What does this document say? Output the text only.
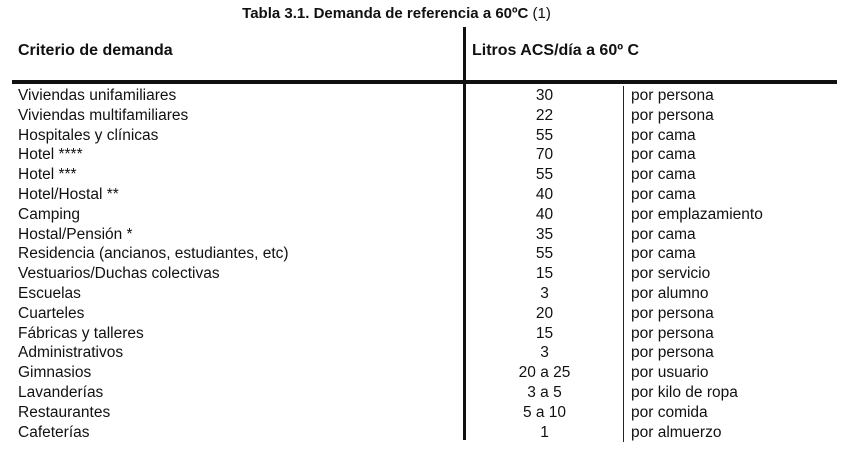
Tabla 3.1. Demanda de referencia a 60ºC (1)
Criterio de demanda	Litros ACS/día a 60º C
Viviendas unifamiliares	30	por persona
Viviendas multifamiliares	22	por persona
Hospitales y clínicas	55	por cama
Hotel ****	70	por cama
Hotel ***	55	por cama
Hotel/Hostal **	40	por cama
Camping	40	por emplazamiento
Hostal/Pensión *	35	por cama
Residencia (ancianos, estudiantes, etc)	55	por cama
Vestuarios/Duchas colectivas	15	por servicio
Escuelas	3	por alumno
Cuarteles	20	por persona
Fábricas y talleres	15	por persona
Administrativos	3	por persona
Gimnasios	20 a 25	por usuario
Lavanderías	3 a 5	por kilo de ropa
Restaurantes	5 a 10	por comida
Cafeterías	1	por almuerzo
